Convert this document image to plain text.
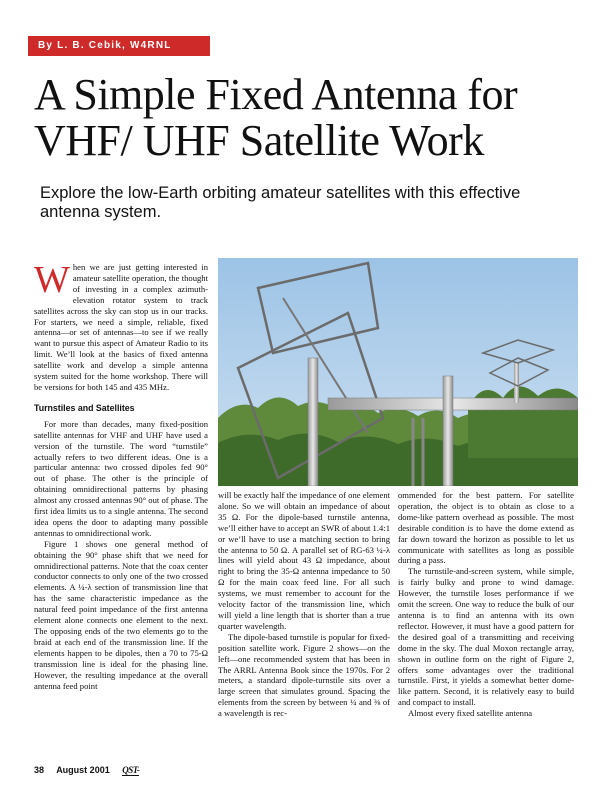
By L. B. Cebik, W4RNL
A Simple Fixed Antenna for VHF/ UHF Satellite Work

Explore the low-Earth orbiting amateur satellites with this effective antenna system.

When we are just getting interested in amateur satellite operation, the thought of investing in a complex azimuth-elevation rotator system to track satellites across the sky can stop us in our tracks. For starters, we need a simple, reliable, fixed antenna—or set of antennas—to see if we really want to pursue this aspect of Amateur Radio to its limit. We’ll look at the basics of fixed antenna satellite work and develop a simple antenna system suited for the home workshop. There will be versions for both 145 and 435 MHz.

Turnstiles and Satellites

For more than decades, many fixed-position satellite antennas for VHF and UHF have used a version of the turnstile. The word “turnstile” actually refers to two different ideas. One is a particular antenna: two crossed dipoles fed 90° out of phase. The other is the principle of obtaining omnidirectional patterns by phasing almost any crossed antennas 90° out of phase. The first idea limits us to a single antenna. The second idea opens the door to adapting many possible antennas to omnidirectional work.

Figure 1 shows one general method of obtaining the 90° phase shift that we need for omnidirectional patterns. Note that the coax center conductor connects to only one of the two crossed elements. A ¼-λ section of transmission line that has the same characteristic impedance as the natural feed point impedance of the first antenna element alone connects one element to the next. The opposing ends of the two elements go to the braid at each end of the transmission line. If the elements happen to be dipoles, then a 70 to 75-Ω transmission line is ideal for the phasing line. However, the resulting impedance at the overall antenna feed point

will be exactly half the impedance of one element alone. So we will obtain an impedance of about 35 Ω. For the dipole-based turnstile antenna, we’ll either have to accept an SWR of about 1.4:1 or we’ll have to use a matching section to bring the antenna to 50 Ω. A parallel set of RG-63 ¼-λ lines will yield about 43 Ω impedance, about right to bring the 35-Ω antenna impedance to 50 Ω for the main coax feed line. For all such systems, we must remember to account for the velocity factor of the transmission line, which will yield a line length that is shorter than a true quarter wavelength.

The dipole-based turnstile is popular for fixed-position satellite work. Figure 2 shows—on the left—one recommended system that has been in The ARRL Antenna Book since the 1970s. For 2 meters, a standard dipole-turnstile sits over a large screen that simulates ground. Spacing the elements from the screen by between ¼ and ⅜ of a wavelength is rec-

ommended for the best pattern. For satellite operation, the object is to obtain as close to a dome-like pattern overhead as possible. The most desirable condition is to have the dome extend as far down toward the horizon as possible to let us communicate with satellites as long as possible during a pass.

The turnstile-and-screen system, while simple, is fairly bulky and prone to wind damage. However, the turnstile loses performance if we omit the screen. One way to reduce the bulk of our antenna is to find an antenna with its own reflector. However, it must have a good pattern for the desired goal of a transmitting and receiving dome in the sky. The dual Moxon rectangle array, shown in outline form on the right of Figure 2, offers some advantages over the traditional turnstile. First, it yields a somewhat better dome-like pattern. Second, it is relatively easy to build and compact to install.

Almost every fixed satellite antenna

38 August 2001 QST-
